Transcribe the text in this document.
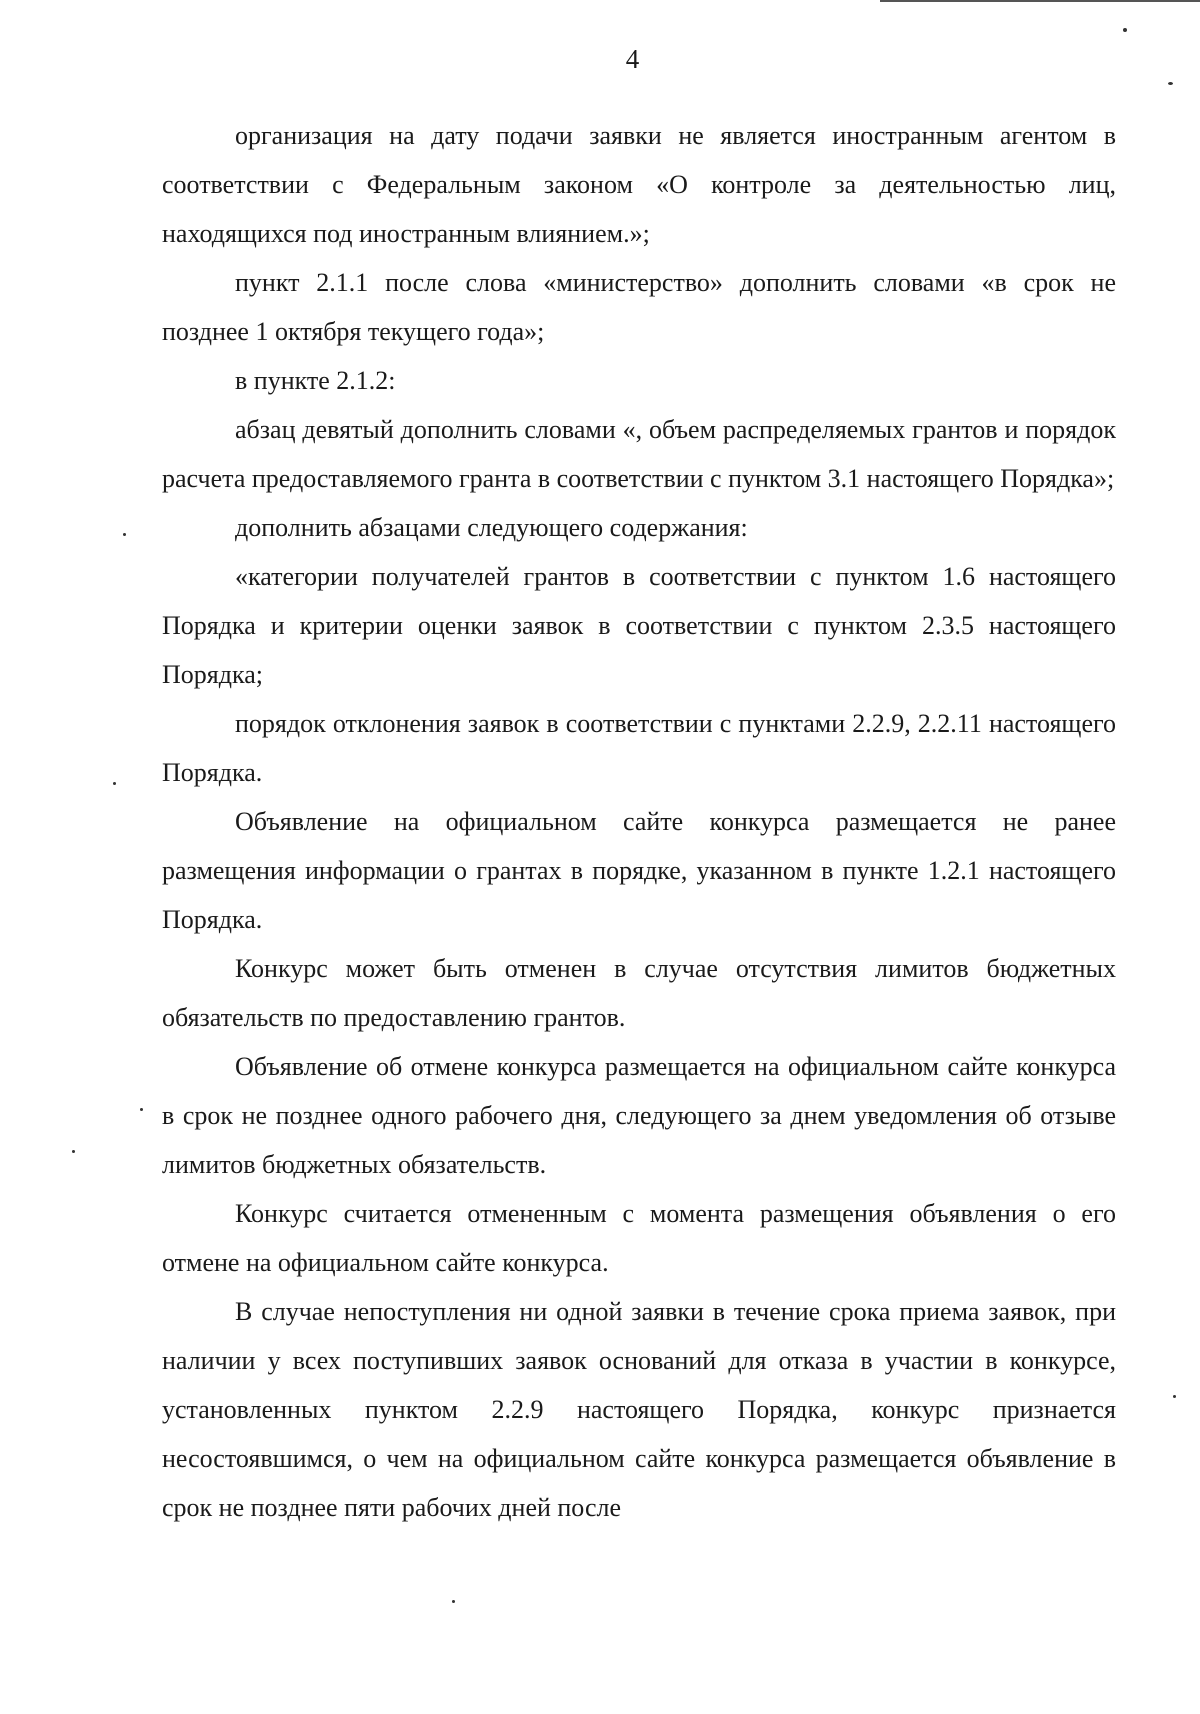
4

организация на дату подачи заявки не является иностранным агентом в соответствии с Федеральным законом «О контроле за деятельностью лиц, находящихся под иностранным влиянием.»;

пункт 2.1.1 после слова «министерство» дополнить словами «в срок не позднее 1 октября текущего года»;

в пункте 2.1.2:

абзац девятый дополнить словами «, объем распределяемых грантов и порядок расчета предоставляемого гранта в соответствии с пунктом 3.1 настоящего Порядка»;

дополнить абзацами следующего содержания:

«категории получателей грантов в соответствии с пунктом 1.6 настоящего Порядка и критерии оценки заявок в соответствии с пунктом 2.3.5 настоящего Порядка;

порядок отклонения заявок в соответствии с пунктами 2.2.9, 2.2.11 настоящего Порядка.

Объявление на официальном сайте конкурса размещается не ранее размещения информации о грантах в порядке, указанном в пункте 1.2.1 настоящего Порядка.

Конкурс может быть отменен в случае отсутствия лимитов бюджетных обязательств по предоставлению грантов.

Объявление об отмене конкурса размещается на официальном сайте конкурса в срок не позднее одного рабочего дня, следующего за днем уведомления об отзыве лимитов бюджетных обязательств.

Конкурс считается отмененным с момента размещения объявления о его отмене на официальном сайте конкурса.

В случае непоступления ни одной заявки в течение срока приема заявок, при наличии у всех поступивших заявок оснований для отказа в участии в конкурсе, установленных пунктом 2.2.9 настоящего Порядка, конкурс признается несостоявшимся, о чем на официальном сайте конкурса размещается объявление в срок не позднее пяти рабочих дней после
